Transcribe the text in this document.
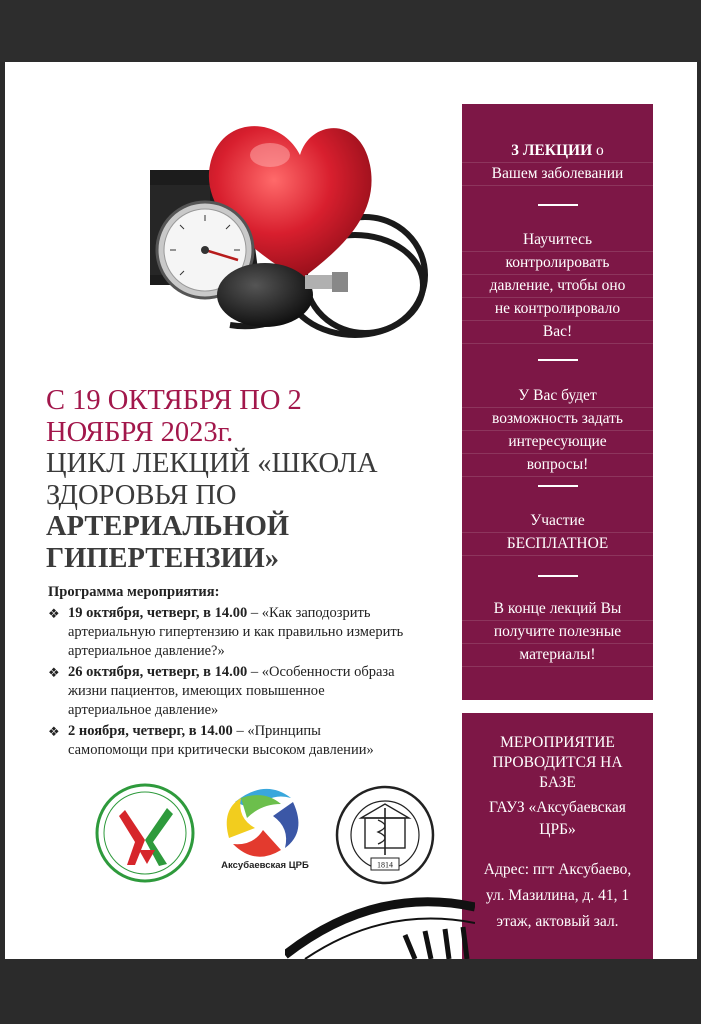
С 19 ОКТЯБРЯ ПО 2
НОЯБРЯ 2023г.
ЦИКЛ ЛЕКЦИЙ «ШКОЛА
ЗДОРОВЬЯ ПО
АРТЕРИАЛЬНОЙ
ГИПЕРТЕНЗИИ»
Программа мероприятия:
❖ 19 октября, четверг, в 14.00 – «Как заподозрить
артериальную гипертензию и как правильно измерить
артериальное давление?»
❖ 26 октября, четверг, в 14.00 – «Особенности образа
жизни пациентов, имеющих повышенное
артериальное давление»
❖ 2 ноября, четверг, в 14.00 – «Принципы
самопомощи при критически высоком давлении»
3 ЛЕКЦИИ о
Вашем заболевании
Научитесь
контролировать
давление, чтобы оно
не контролировало
Вас!
У Вас будет
возможность задать
интересующие
вопросы!
Участие
БЕСПЛАТНОЕ
В конце лекций Вы
получите полезные
материалы!
МЕРОПРИЯТИЕ
ПРОВОДИТСЯ НА
БАЗЕ
ГАУЗ «Аксубаевская
ЦРБ»
Адрес: пгт Аксубаево,
ул. Мазилина, д. 41, 1
этаж, актовый зал.
Аксубаевская ЦРБ	1814
